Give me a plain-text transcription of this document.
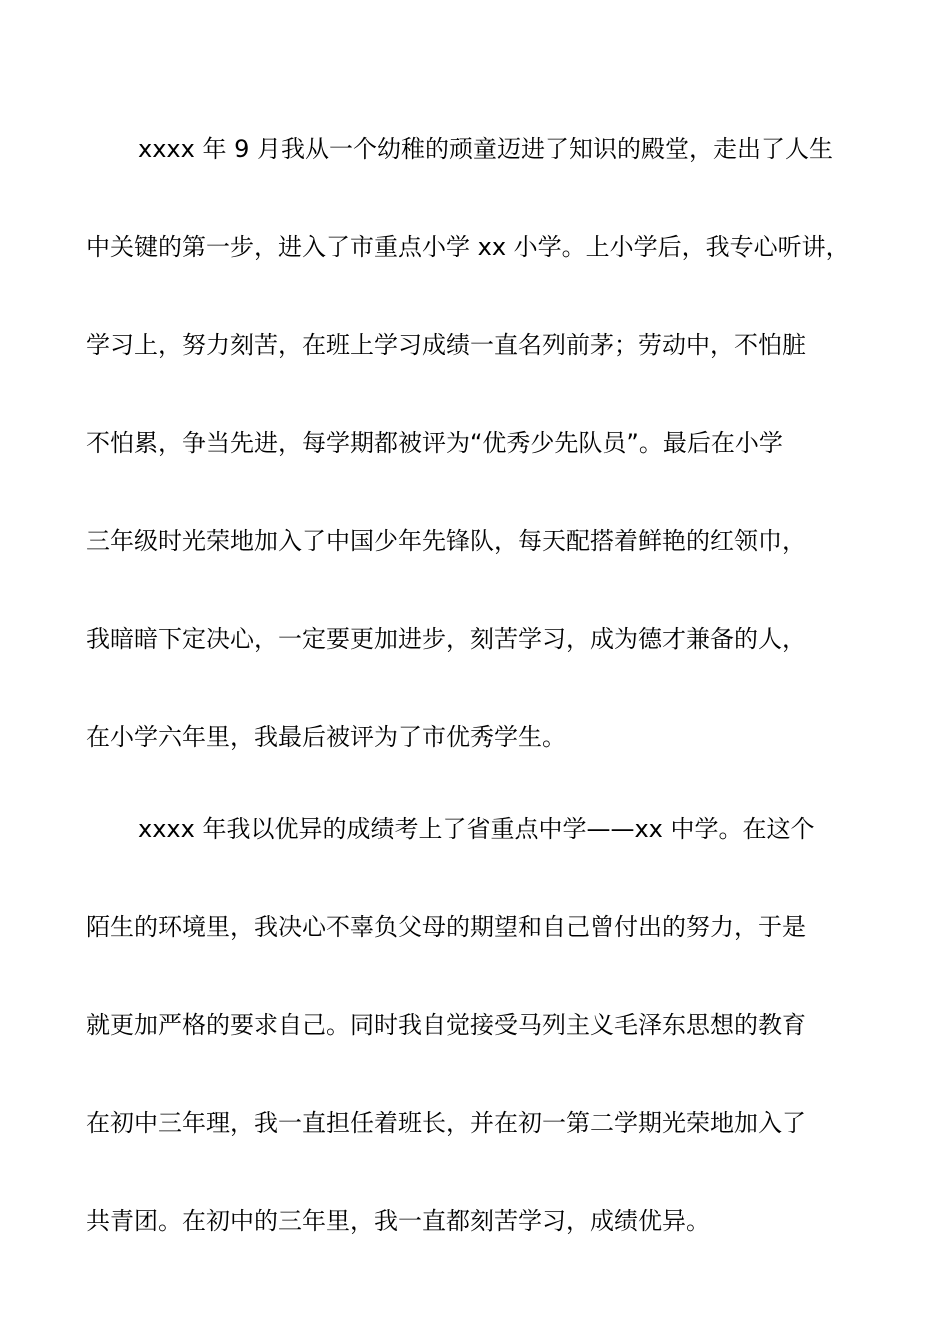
xxxx 年 9 月我从一个幼稚的顽童迈进了知识的殿堂，走出了人生
中关键的第一步，进入了市重点小学 xx 小学。上小学后，我专心听讲，
学习上，努力刻苦，在班上学习成绩一直名列前茅；劳动中，不怕脏
不怕累，争当先进，每学期都被评为“优秀少先队员”。最后在小学
三年级时光荣地加入了中国少年先锋队，每天配搭着鲜艳的红领巾，
我暗暗下定决心，一定要更加进步，刻苦学习，成为德才兼备的人，
在小学六年里，我最后被评为了市优秀学生。
xxxx 年我以优异的成绩考上了省重点中学——xx 中学。在这个
陌生的环境里，我决心不辜负父母的期望和自己曾付出的努力，于是
就更加严格的要求自己。同时我自觉接受马列主义毛泽东思想的教育
在初中三年理，我一直担任着班长，并在初一第二学期光荣地加入了
共青团。在初中的三年里，我一直都刻苦学习，成绩优异。
